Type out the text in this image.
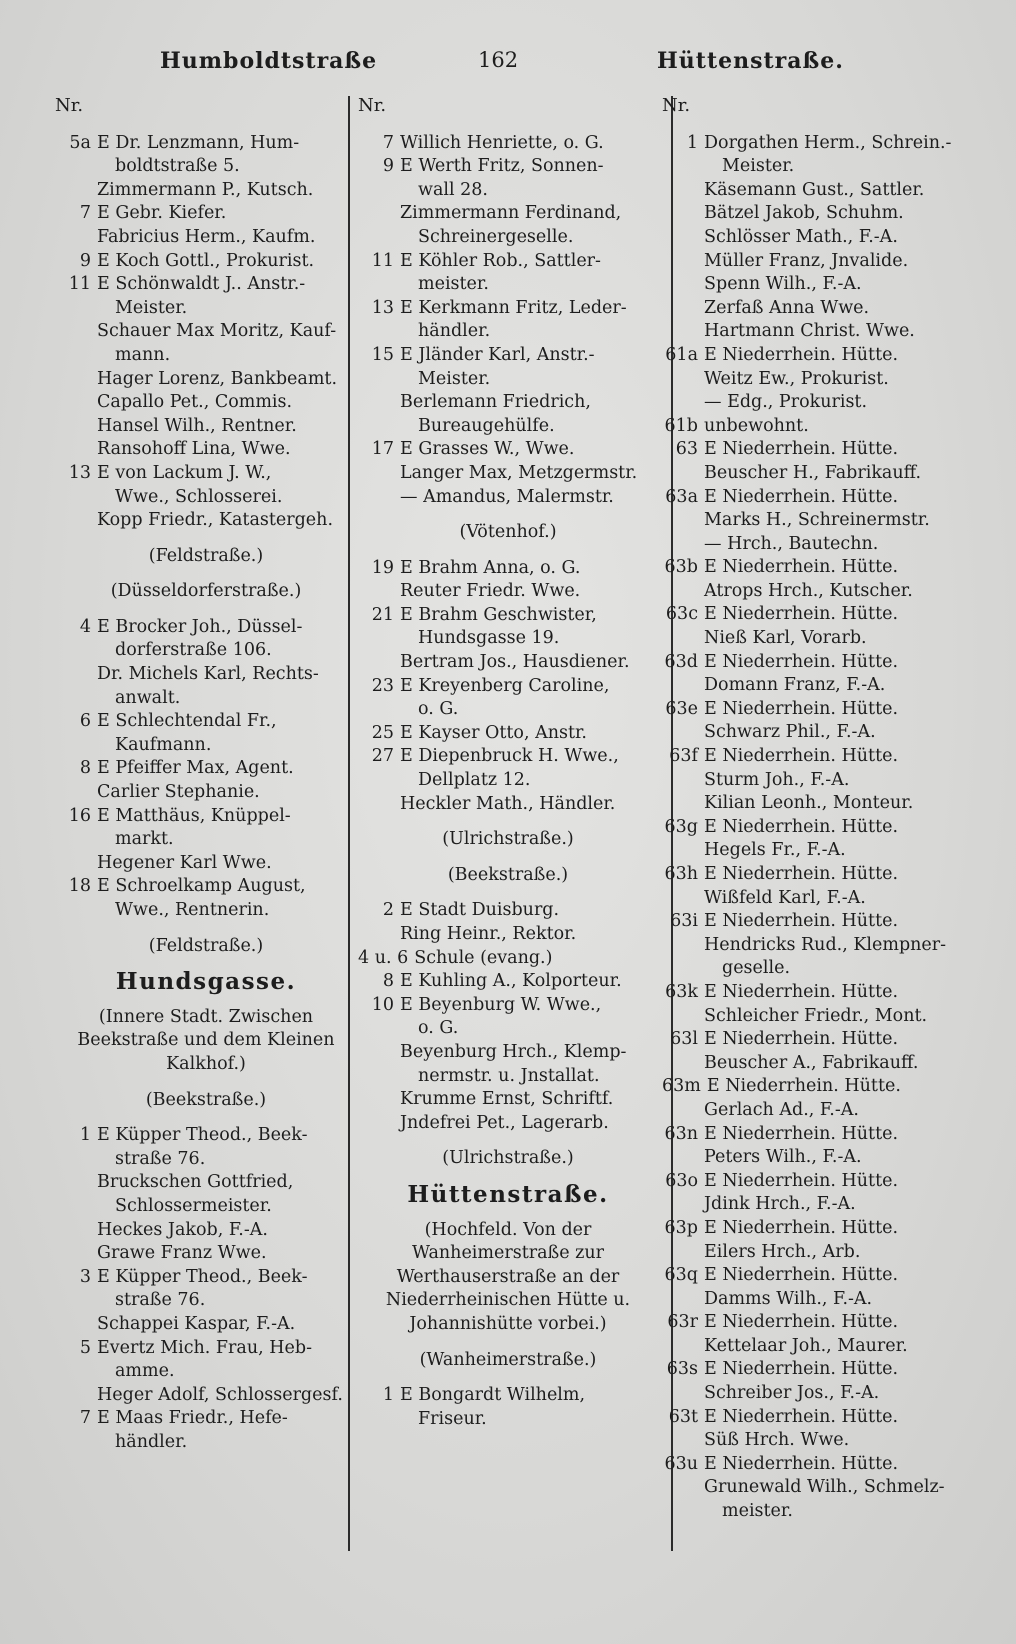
Humboldtstraße	162	Hüttenstraße.
Nr.
5a E Dr. Lenzmann, Hum-
boldtstraße 5.
Zimmermann P., Kutsch.
7 E Gebr. Kiefer.
Fabricius Herm., Kaufm.
9 E Koch Gottl., Prokurist.
11 E Schönwaldt J.. Anstr.-
Meister.
Schauer Max Moritz, Kauf-
mann.
Hager Lorenz, Bankbeamt.
Capallo Pet., Commis.
Hansel Wilh., Rentner.
Ransohoff Lina, Wwe.
13 E von Lackum J. W.,
Wwe., Schlosserei.
Kopp Friedr., Katastergeh.
(Feldstraße.)
(Düsseldorferstraße.)
4 E Brocker Joh., Düssel-
dorferstraße 106.
Dr. Michels Karl, Rechts-
anwalt.
6 E Schlechtendal Fr.,
Kaufmann.
8 E Pfeiffer Max, Agent.
Carlier Stephanie.
16 E Matthäus, Knüppel-
markt.
Hegener Karl Wwe.
18 E Schroelkamp August,
Wwe., Rentnerin.
(Feldstraße.)
Hundsgasse.
(Innere Stadt. Zwischen Beekstraße und dem Kleinen Kalkhof.)
(Beekstraße.)
1 E Küpper Theod., Beek-
straße 76.
Bruckschen Gottfried,
Schlossermeister.
Heckes Jakob, F.-A.
Grawe Franz Wwe.
3 E Küpper Theod., Beek-
straße 76.
Schappei Kaspar, F.-A.
5 Evertz Mich. Frau, Heb-
amme.
Heger Adolf, Schlossergesf.
7 E Maas Friedr., Hefe-
händler.
Nr.
7 Willich Henriette, o. G.
9 E Werth Fritz, Sonnen-
wall 28.
Zimmermann Ferdinand,
Schreinergeselle.
11 E Köhler Rob., Sattler-
meister.
13 E Kerkmann Fritz, Leder-
händler.
15 E Jländer Karl, Anstr.-
Meister.
Berlemann Friedrich,
Bureaugehülfe.
17 E Grasses W., Wwe.
Langer Max, Metzgermstr.
— Amandus, Malermstr.
(Vötenhof.)
19 E Brahm Anna, o. G.
Reuter Friedr. Wwe.
21 E Brahm Geschwister,
Hundsgasse 19.
Bertram Jos., Hausdiener.
23 E Kreyenberg Caroline,
o. G.
25 E Kayser Otto, Anstr.
27 E Diepenbruck H. Wwe.,
Dellplatz 12.
Heckler Math., Händler.
(Ulrichstraße.)
(Beekstraße.)
2 E Stadt Duisburg.
Ring Heinr., Rektor.
4 u. 6 Schule (evang.)
8 E Kuhling A., Kolporteur.
10 E Beyenburg W. Wwe.,
o. G.
Beyenburg Hrch., Klemp-
nermstr. u. Jnstallat.
Krumme Ernst, Schriftf.
Jndefrei Pet., Lagerarb.
(Ulrichstraße.)
Hüttenstraße.
(Hochfeld. Von der Wanheimerstraße zur Werthauserstraße an der Niederrheinischen Hütte u. Johannishütte vorbei.)
(Wanheimerstraße.)
1 E Bongardt Wilhelm,
Friseur.
Nr.
1 Dorgathen Herm., Schrein.-
Meister.
Käsemann Gust., Sattler.
Bätzel Jakob, Schuhm.
Schlösser Math., F.-A.
Müller Franz, Jnvalide.
Spenn Wilh., F.-A.
Zerfaß Anna Wwe.
Hartmann Christ. Wwe.
61a E Niederrhein. Hütte.
Weitz Ew., Prokurist.
— Edg., Prokurist.
61b unbewohnt.
63 E Niederrhein. Hütte.
Beuscher H., Fabrikauff.
63a E Niederrhein. Hütte.
Marks H., Schreinermstr.
— Hrch., Bautechn.
63b E Niederrhein. Hütte.
Atrops Hrch., Kutscher.
63c E Niederrhein. Hütte.
Nieß Karl, Vorarb.
63d E Niederrhein. Hütte.
Domann Franz, F.-A.
63e E Niederrhein. Hütte.
Schwarz Phil., F.-A.
63f E Niederrhein. Hütte.
Sturm Joh., F.-A.
Kilian Leonh., Monteur.
63g E Niederrhein. Hütte.
Hegels Fr., F.-A.
63h E Niederrhein. Hütte.
Wißfeld Karl, F.-A.
63i E Niederrhein. Hütte.
Hendricks Rud., Klempner-
geselle.
63k E Niederrhein. Hütte.
Schleicher Friedr., Mont.
63l E Niederrhein. Hütte.
Beuscher A., Fabrikauff.
63m E Niederrhein. Hütte.
Gerlach Ad., F.-A.
63n E Niederrhein. Hütte.
Peters Wilh., F.-A.
63o E Niederrhein. Hütte.
Jdink Hrch., F.-A.
63p E Niederrhein. Hütte.
Eilers Hrch., Arb.
63q E Niederrhein. Hütte.
Damms Wilh., F.-A.
63r E Niederrhein. Hütte.
Kettelaar Joh., Maurer.
63s E Niederrhein. Hütte.
Schreiber Jos., F.-A.
63t E Niederrhein. Hütte.
Süß Hrch. Wwe.
63u E Niederrhein. Hütte.
Grunewald Wilh., Schmelz-
meister.
